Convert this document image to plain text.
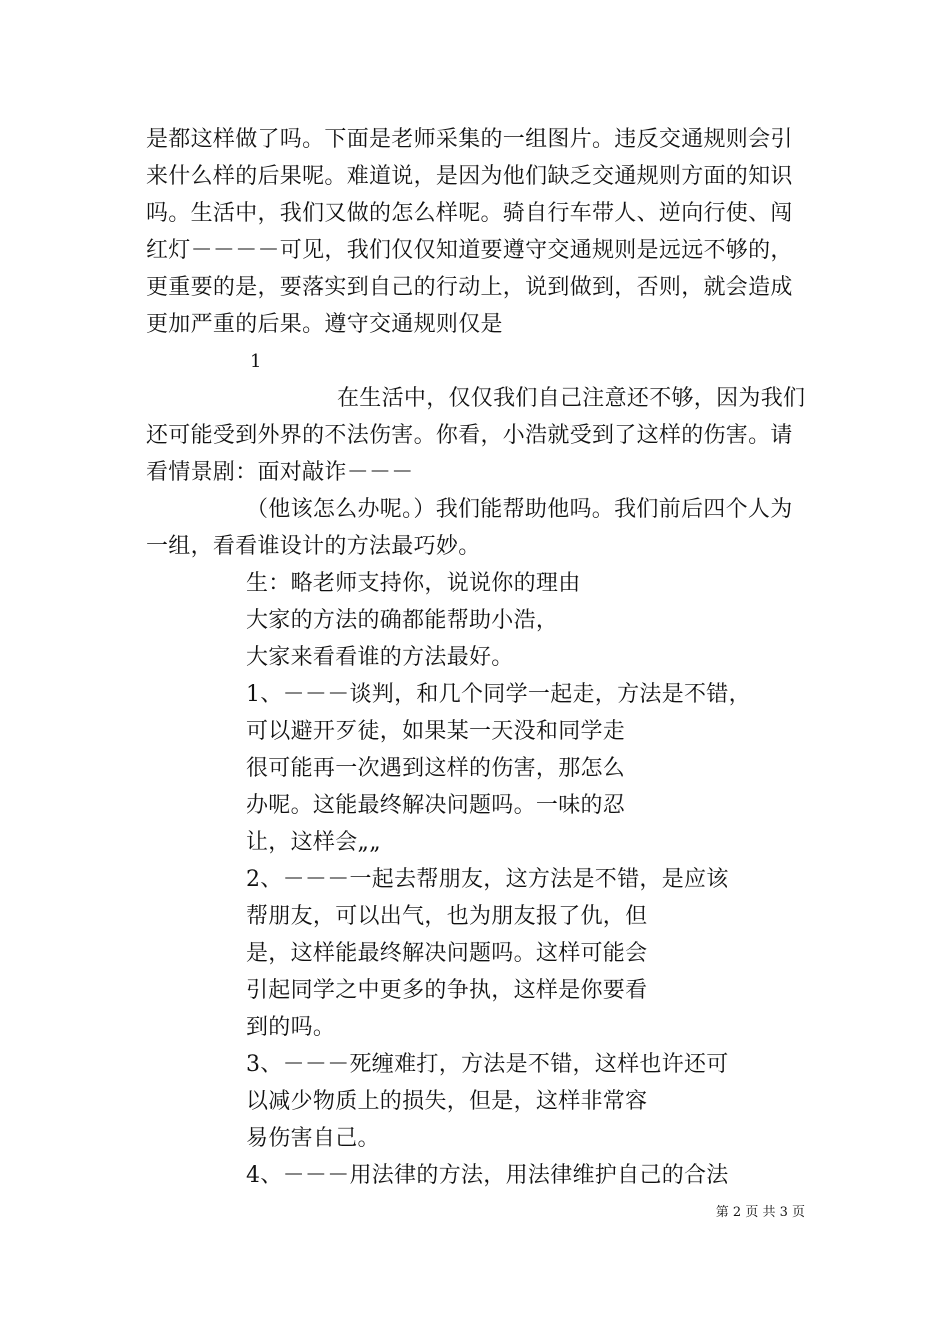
是都这样做了吗。下面是老师采集的一组图片。违反交通规则会引
来什么样的后果呢。难道说，是因为他们缺乏交通规则方面的知识
吗。生活中，我们又做的怎么样呢。骑自行车带人、逆向行使、闯
红灯－－－－可见，我们仅仅知道要遵守交通规则是远远不够的，
更重要的是，要落实到自己的行动上，说到做到，否则，就会造成
更加严重的后果。遵守交通规则仅是
1
在生活中，仅仅我们自己注意还不够，因为我们
还可能受到外界的不法伤害。你看，小浩就受到了这样的伤害。请
看情景剧：面对敲诈－－－
（他该怎么办呢。）我们能帮助他吗。我们前后四个人为
一组，看看谁设计的方法最巧妙。
生：略老师支持你，说说你的理由
大家的方法的确都能帮助小浩，
大家来看看谁的方法最好。
1、－－－谈判，和几个同学一起走，方法是不错，
可以避开歹徒，如果某一天没和同学走
很可能再一次遇到这样的伤害，那怎么
办呢。这能最终解决问题吗。一味的忍
让，这样会„„
2、－－－一起去帮朋友，这方法是不错，是应该
帮朋友，可以出气，也为朋友报了仇，但
是，这样能最终解决问题吗。这样可能会
引起同学之中更多的争执，这样是你要看
到的吗。
3、－－－死缠难打，方法是不错，这样也许还可
以减少物质上的损失，但是，这样非常容
易伤害自己。
4、－－－用法律的方法，用法律维护自己的合法
第 2 页 共 3 页
